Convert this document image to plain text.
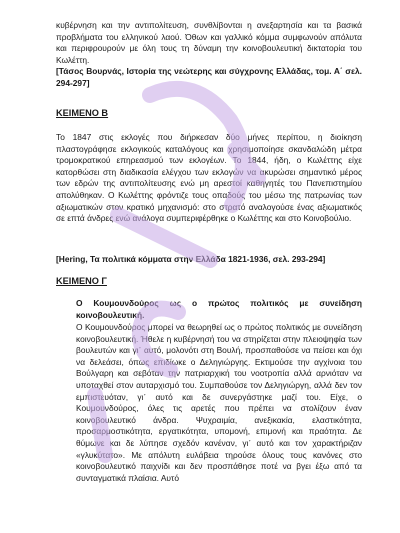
κυβέρνηση και την αντιπολίτευση, συνθλίβονται η ανεξαρτησία και τα βασικά προβλήματα του ελληνικού λαού. Όθων και γαλλικό κόμμα συμφωνούν απόλυτα και περιφρουρούν με όλη τους τη δύναμη την κοινοβουλευτική δικτατορία του Κωλέττη.

[Τάσος Βουρνάς, Ιστορία της νεώτερης και σύγχρονης Ελλάδας, τομ. Α΄ σελ. 294-297]

ΚΕΙΜΕΝΟ Β

Το 1847 στις εκλογές που διήρκεσαν δύο μήνες περίπου, η διοίκηση πλαστογράφησε εκλογικούς καταλόγους και χρησιμοποίησε σκανδαλώδη μέτρα τρομοκρατικού επηρεασμού των εκλογέων. Το 1844, ήδη, ο Κωλέττης είχε κατορθώσει στη διαδικασία ελέγχου των εκλογών να ακυρώσει σημαντικό μέρος των εδρών της αντιπολίτευσης ενώ μη αρεστοί καθηγητές του Πανεπιστημίου απολύθηκαν. Ο Κωλέττης φρόντιζε τους οπαδούς του μέσω της πατρωνίας των αξιωματικών στον κρατικό μηχανισμό: στο στρατό αναλογούσε ένας αξιωματικός σε επτά άνδρες ενώ ανάλογα συμπεριφέρθηκε ο Κωλέττης και στο Κοινοβούλιο.

[Hering, Τα πολιτικά κόμματα στην Ελλάδα 1821-1936, σελ. 293-294]

ΚΕΙΜΕΝΟ Γ

Ο Κουμουνδούρος ως ο πρώτος πολιτικός με συνείδηση κοινοβουλευτική.

Ο Κουμουνδούρος μπορεί να θεωρηθεί ως ο πρώτος πολιτικός με συνείδηση κοινοβουλευτική. Ήθελε η κυβέρνησή του να στηρίζεται στην πλειοψηφία των βουλευτών και γι᾽ αυτό, μολονότι στη Βουλή, προσπαθούσε να πείσει και όχι να δελεάσει, όπως επιδίωκε ο Δεληγιώργης. Εκτιμούσε την αγχίνοια του Βούλγαρη και σεβόταν την πατριαρχική του νοοτροπία αλλά αρνιόταν να υποταχθεί στον αυταρχισμό του. Συμπαθούσε τον Δεληγιώργη, αλλά δεν τον εμπιστευόταν, γι᾽ αυτό και δε συνεργάστηκε μαζί του. Είχε, ο Κουμουνδούρος, όλες τις αρετές που πρέπει να στολίζουν έναν κοινοβουλευτικό άνδρα. Ψυχραιμία, ανεξικακία, ελαστικότητα, προσαρμοστικότητα, εργατικότητα, υπομονή, επιμονή και πραότητα. Δε θύμωνε και δε λύπησε σχεδόν κανέναν, γι᾽ αυτό και τον χαρακτήριζαν «γλυκύτατο». Με απόλυτη ευλάβεια τηρούσε όλους τους κανόνες στο κοινοβουλευτικό παιχνίδι και δεν προσπάθησε ποτέ να βγει έξω από τα συνταγματικά πλαίσια. Αυτό
